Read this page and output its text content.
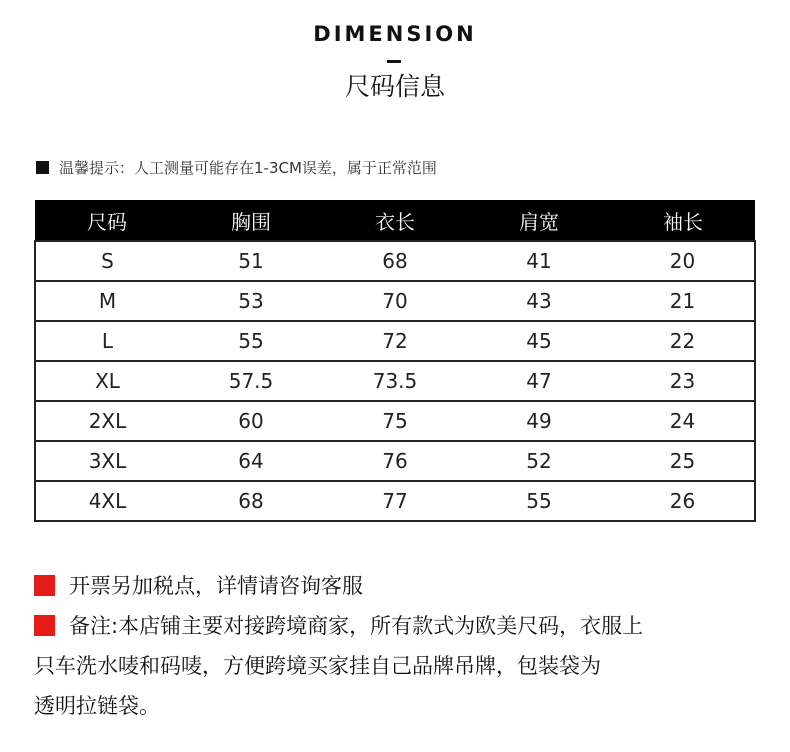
DIMENSION
尺码信息
温馨提示：人工测量可能存在1-3CM误差，属于正常范围
尺码	胸围	衣长	肩宽	袖长
S	51	68	41	20
M	53	70	43	21
L	55	72	45	22
XL	57.5	73.5	47	23
2XL	60	75	49	24
3XL	64	76	52	25
4XL	68	77	55	26
开票另加税点，详情请咨询客服
备注:本店铺主要对接跨境商家，所有款式为欧美尺码，衣服上
只车洗水唛和码唛，方便跨境买家挂自己品牌吊牌，包装袋为
透明拉链袋。
